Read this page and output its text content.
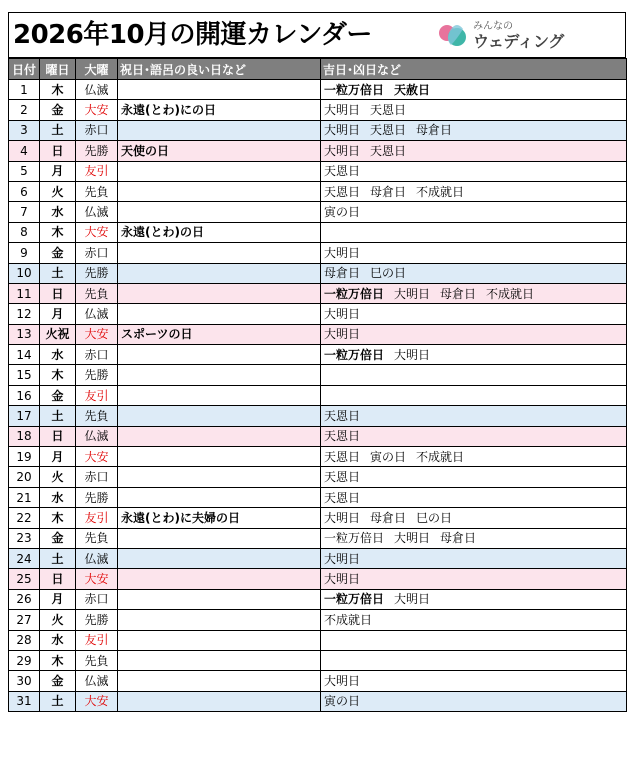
2026年10月の開運カレンダー	みんなの
ウェディング
日付	曜日	大曜	祝日･語呂の良い日など	吉日･凶日など
1	木	仏滅		一粒万倍日 天赦日
2	金	大安	永遠(とわ)にの日	大明日 天恩日
3	土	赤口		大明日 天恩日 母倉日
4	日	先勝	天使の日	大明日 天恩日
5	月	友引		天恩日
6	火	先負		天恩日 母倉日 不成就日
7	水	仏滅		寅の日
8	木	大安	永遠(とわ)の日	
9	金	赤口		大明日
10	土	先勝		母倉日 巳の日
11	日	先負		一粒万倍日 大明日 母倉日 不成就日
12	月	仏滅		大明日
13	火祝	大安	スポーツの日	大明日
14	水	赤口		一粒万倍日 大明日
15	木	先勝		
16	金	友引		
17	土	先負		天恩日
18	日	仏滅		天恩日
19	月	大安		天恩日 寅の日 不成就日
20	火	赤口		天恩日
21	水	先勝		天恩日
22	木	友引	永遠(とわ)に夫婦の日	大明日 母倉日 巳の日
23	金	先負		一粒万倍日 大明日 母倉日
24	土	仏滅		大明日
25	日	大安		大明日
26	月	赤口		一粒万倍日 大明日
27	火	先勝		不成就日
28	水	友引		
29	木	先負		
30	金	仏滅		大明日
31	土	大安		寅の日
